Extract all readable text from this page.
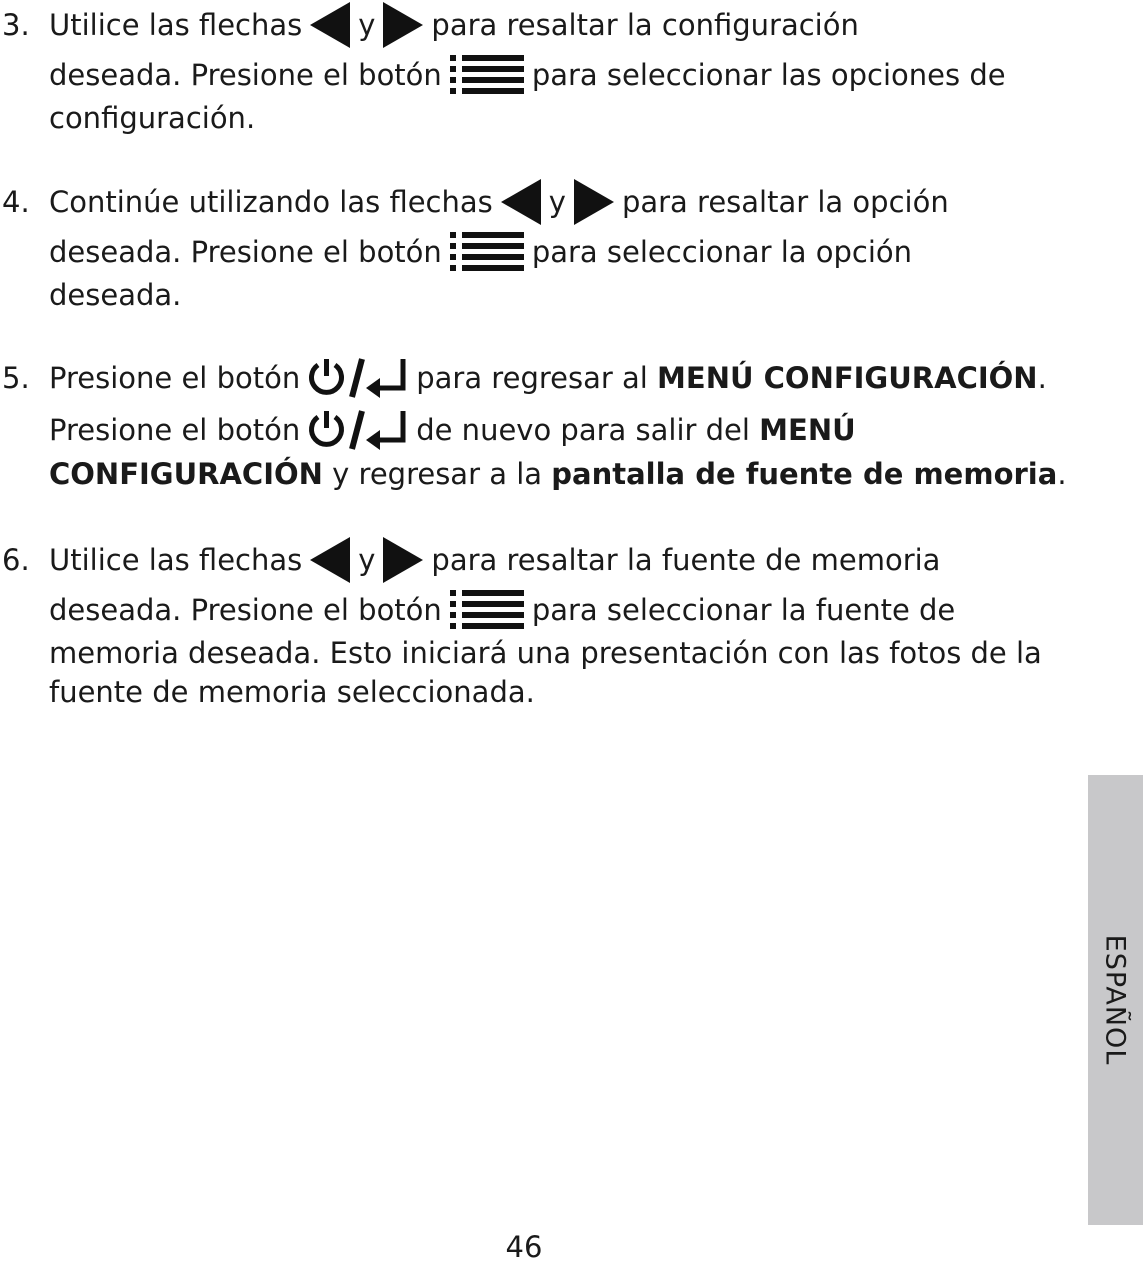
3. Utilice las flechas y para resaltar la configuración
deseada. Presione el botón	para seleccionar las opciones de
configuración.
4. Continúe utilizando las flechas y para resaltar la opción
deseada. Presione el botón	para seleccionar la opción
deseada.
5. Presione el botón	para regresar al
MENÚ CONFIGURACIÓN .
Presione el botón	de nuevo para salir del
MENÚ
CONFIGURACIÓN
y regresar a la
pantalla de fuente de memoria .
6. Utilice las flechas y para resaltar la fuente de memoria
deseada. Presione el botón	para seleccionar la fuente de
memoria deseada. Esto iniciará una presentación con las fotos de la
fuente de memoria seleccionada.
ESPAÑOL
46
